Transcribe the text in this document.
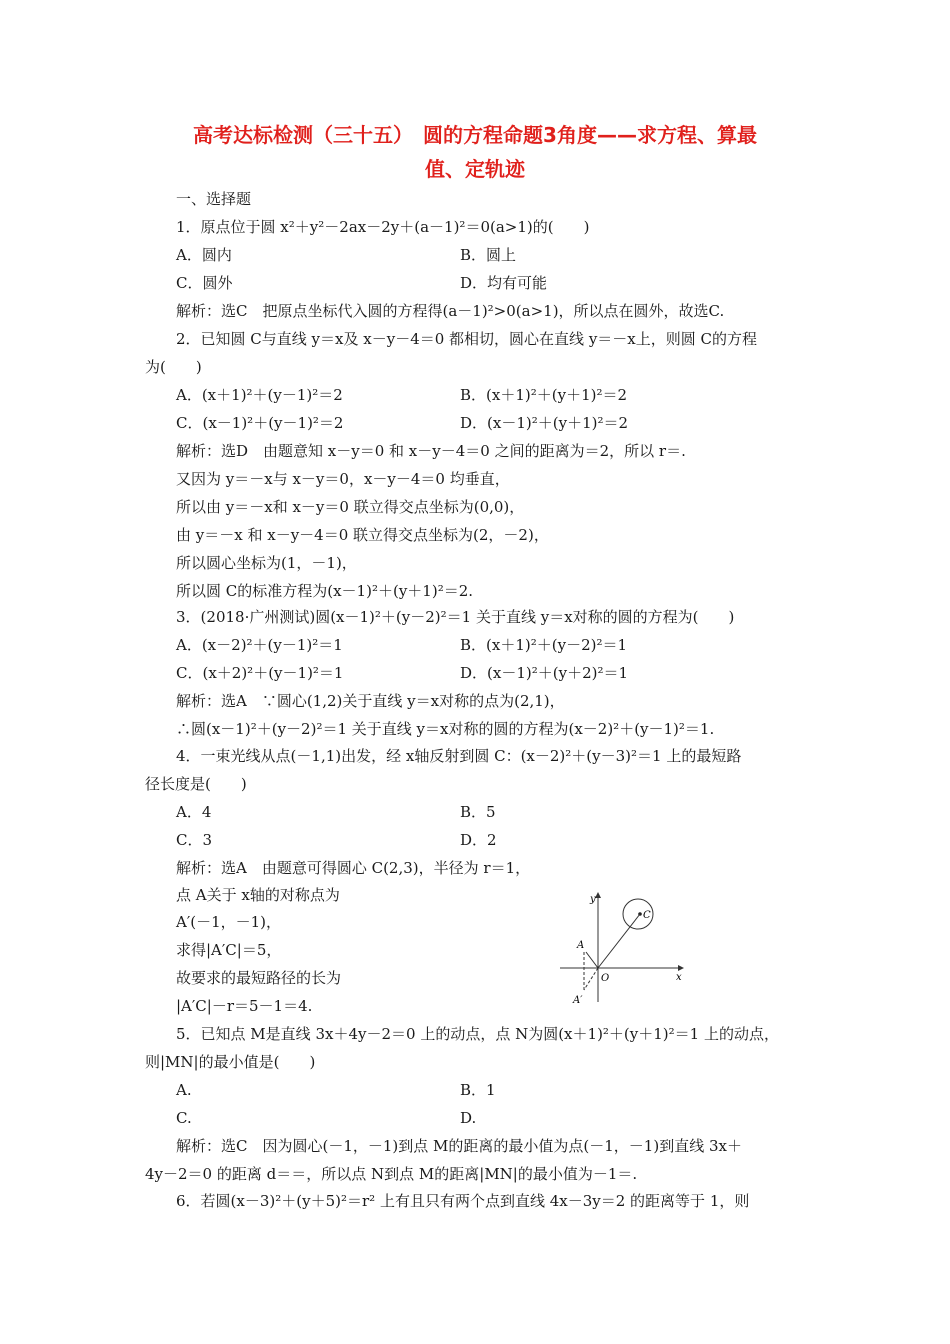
高考达标检测（三十五）　圆的方程命题3角度——求方程、算最
值、定轨迹
一、选择题
1．原点位于圆 x²＋y²－2ax－2y＋(a－1)²＝0(a>1)的(　　)
A．圆内	B．圆上
C．圆外	D．均有可能
解析：选C　把原点坐标代入圆的方程得(a－1)²>0(a>1)，所以点在圆外，故选C.
2．已知圆 C与直线 y＝x及 x－y－4＝0 都相切，圆心在直线 y＝－x上，则圆 C的方程
为(　　)
A．(x＋1)²＋(y－1)²＝2	B．(x＋1)²＋(y＋1)²＝2
C．(x－1)²＋(y－1)²＝2	D．(x－1)²＋(y＋1)²＝2
解析：选D　由题意知 x－y＝0 和 x－y－4＝0 之间的距离为＝2，所以 r＝.
又因为 y＝－x与 x－y＝0，x－y－4＝0 均垂直，
所以由 y＝－x和 x－y＝0 联立得交点坐标为(0,0)，
由 y＝－x 和 x－y－4＝0 联立得交点坐标为(2，－2)，
所以圆心坐标为(1，－1)，
所以圆 C的标准方程为(x－1)²＋(y＋1)²＝2.
3．(2018·广州测试)圆(x－1)²＋(y－2)²＝1 关于直线 y＝x对称的圆的方程为(　　)
A．(x－2)²＋(y－1)²＝1	B．(x＋1)²＋(y－2)²＝1
C．(x＋2)²＋(y－1)²＝1	D．(x－1)²＋(y＋2)²＝1
解析：选A　∵圆心(1,2)关于直线 y＝x对称的点为(2,1)，
∴圆(x－1)²＋(y－2)²＝1 关于直线 y＝x对称的圆的方程为(x－2)²＋(y－1)²＝1.
4．一束光线从点(－1,1)出发，经 x轴反射到圆 C：(x－2)²＋(y－3)²＝1 上的最短路
径长度是(　　)
A．4	B．5
C．3	D．2
解析：选A　由题意可得圆心 C(2,3)，半径为 r＝1，
点 A关于 x轴的对称点为
A′(－1，－1)，
求得|A′C|＝5，
故要求的最短路径的长为
|A′C|－r＝5－1＝4.
y
x
O
A
A′
C
5．已知点 M是直线 3x＋4y－2＝0 上的动点，点 N为圆(x＋1)²＋(y＋1)²＝1 上的动点，
则|MN|的最小值是(　　)
A.	B．1
C.	D.
解析：选C　因为圆心(－1，－1)到点 M的距离的最小值为点(－1，－1)到直线 3x＋
4y－2＝0 的距离 d＝＝，所以点 N到点 M的距离|MN|的最小值为－1＝.
6．若圆(x－3)²＋(y＋5)²＝r² 上有且只有两个点到直线 4x－3y＝2 的距离等于 1，则
